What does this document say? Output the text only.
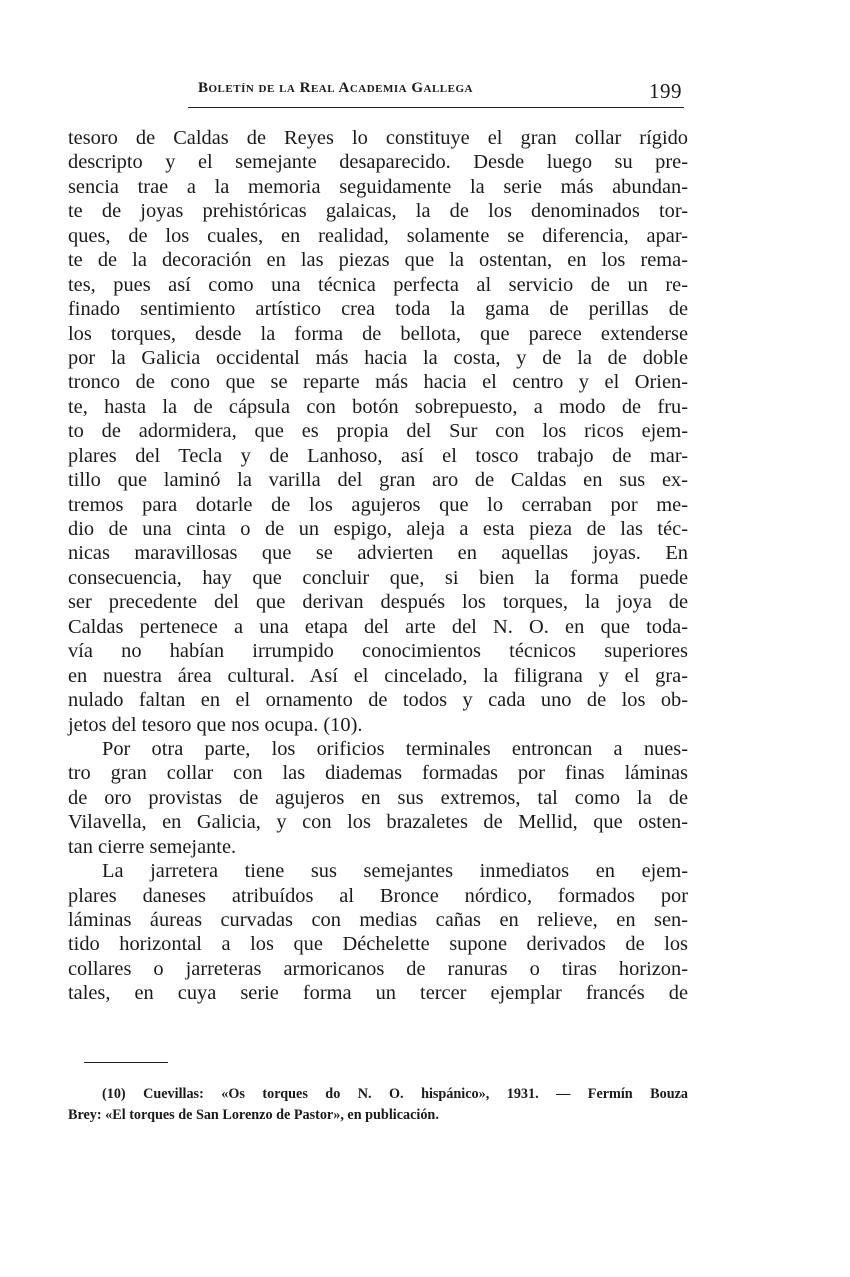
Boletín de la Real Academia Gallega	199
tesoro de Caldas de Reyes lo constituye el gran collar rígido
descripto y el semejante desaparecido. Desde luego su pre-
sencia trae a la memoria seguidamente la serie más abundan-
te de joyas prehistóricas galaicas, la de los denominados tor-
ques, de los cuales, en realidad, solamente se diferencia, apar-
te de la decoración en las piezas que la ostentan, en los rema-
tes, pues así como una técnica perfecta al servicio de un re-
finado sentimiento artístico crea toda la gama de perillas de
los torques, desde la forma de bellota, que parece extenderse
por la Galicia occidental más hacia la costa, y de la de doble
tronco de cono que se reparte más hacia el centro y el Orien-
te, hasta la de cápsula con botón sobrepuesto, a modo de fru-
to de adormidera, que es propia del Sur con los ricos ejem-
plares del Tecla y de Lanhoso, así el tosco trabajo de mar-
tillo que laminó la varilla del gran aro de Caldas en sus ex-
tremos para dotarle de los agujeros que lo cerraban por me-
dio de una cinta o de un espigo, aleja a esta pieza de las téc-
nicas maravillosas que se advierten en aquellas joyas. En
consecuencia, hay que concluir que, si bien la forma puede
ser precedente del que derivan después los torques, la joya de
Caldas pertenece a una etapa del arte del N. O. en que toda-
vía no habían irrumpido conocimientos técnicos superiores
en nuestra área cultural. Así el cincelado, la filigrana y el gra-
nulado faltan en el ornamento de todos y cada uno de los ob-
jetos del tesoro que nos ocupa. (10).
Por otra parte, los orificios terminales entroncan a nues-
tro gran collar con las diademas formadas por finas láminas
de oro provistas de agujeros en sus extremos, tal como la de
Vilavella, en Galicia, y con los brazaletes de Mellid, que osten-
tan cierre semejante.
La jarretera tiene sus semejantes inmediatos en ejem-
plares daneses atribuídos al Bronce nórdico, formados por
láminas áureas curvadas con medias cañas en relieve, en sen-
tido horizontal a los que Déchelette supone derivados de los
collares o jarreteras armoricanos de ranuras o tiras horizon-
tales, en cuya serie forma un tercer ejemplar francés de
(10) Cuevillas: «Os torques do N. O. hispánico», 1931. — Fermín Bouza
Brey: «El torques de San Lorenzo de Pastor», en publicación.
